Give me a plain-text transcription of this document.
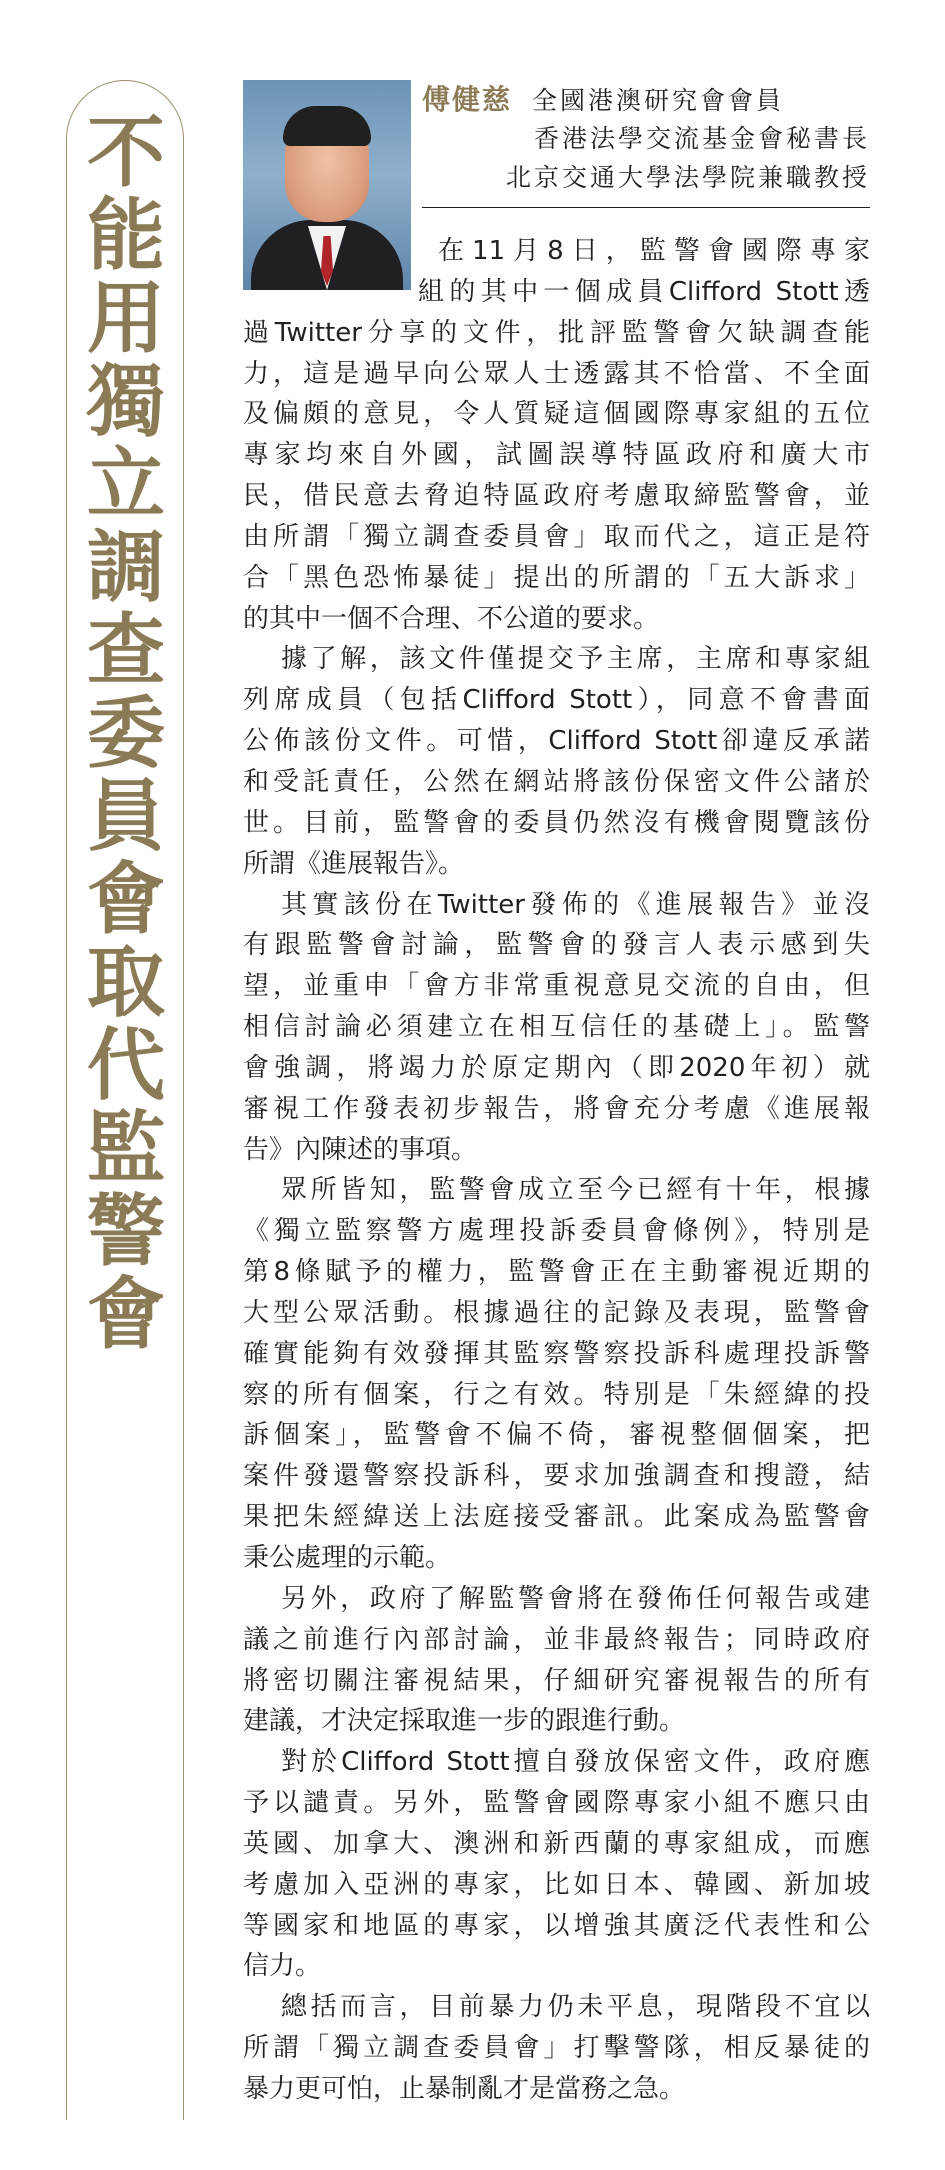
不
能
用
獨
立
調
查
委
員
會
取
代
監
警
會
傅健慈 全國港澳研究會會員
香港法學交流基金會秘書長
北京交通大學法學院兼職教授
在11月8日，監警會國際專家
組的其中一個成員Clifford Stott透
過Twitter分享的文件，批評監警會欠缺調查能
力，這是過早向公眾人士透露其不恰當、不全面
及偏頗的意見，令人質疑這個國際專家組的五位
專家均來自外國，試圖誤導特區政府和廣大市
民，借民意去脅迫特區政府考慮取締監警會，並
由所謂「獨立調查委員會」取而代之，這正是符
合「黑色恐怖暴徒」提出的所謂的「五大訴求」
的其中一個不合理、不公道的要求。
據了解，該文件僅提交予主席，主席和專家組
列席成員（包括Clifford Stott），同意不會書面
公佈該份文件。可惜，Clifford Stott卻違反承諾
和受託責任，公然在網站將該份保密文件公諸於
世。目前，監警會的委員仍然沒有機會閱覽該份
所謂《進展報告》。
其實該份在Twitter發佈的《進展報告》並沒
有跟監警會討論，監警會的發言人表示感到失
望，並重申「會方非常重視意見交流的自由，但
相信討論必須建立在相互信任的基礎上」。監警
會強調，將竭力於原定期內（即2020年初）就
審視工作發表初步報告，將會充分考慮《進展報
告》內陳述的事項。
眾所皆知，監警會成立至今已經有十年，根據
《獨立監察警方處理投訴委員會條例》，特別是
第8條賦予的權力，監警會正在主動審視近期的
大型公眾活動。根據過往的記錄及表現，監警會
確實能夠有效發揮其監察警察投訴科處理投訴警
察的所有個案，行之有效。特別是「朱經緯的投
訴個案」，監警會不偏不倚，審視整個個案，把
案件發還警察投訴科，要求加強調查和搜證，結
果把朱經緯送上法庭接受審訊。此案成為監警會
秉公處理的示範。
另外，政府了解監警會將在發佈任何報告或建
議之前進行內部討論，並非最終報告；同時政府
將密切關注審視結果，仔細研究審視報告的所有
建議，才決定採取進一步的跟進行動。
對於Clifford Stott擅自發放保密文件，政府應
予以譴責。另外，監警會國際專家小組不應只由
英國、加拿大、澳洲和新西蘭的專家組成，而應
考慮加入亞洲的專家，比如日本、韓國、新加坡
等國家和地區的專家，以增強其廣泛代表性和公
信力。
總括而言，目前暴力仍未平息，現階段不宜以
所謂「獨立調查委員會」打擊警隊，相反暴徒的
暴力更可怕，止暴制亂才是當務之急。
